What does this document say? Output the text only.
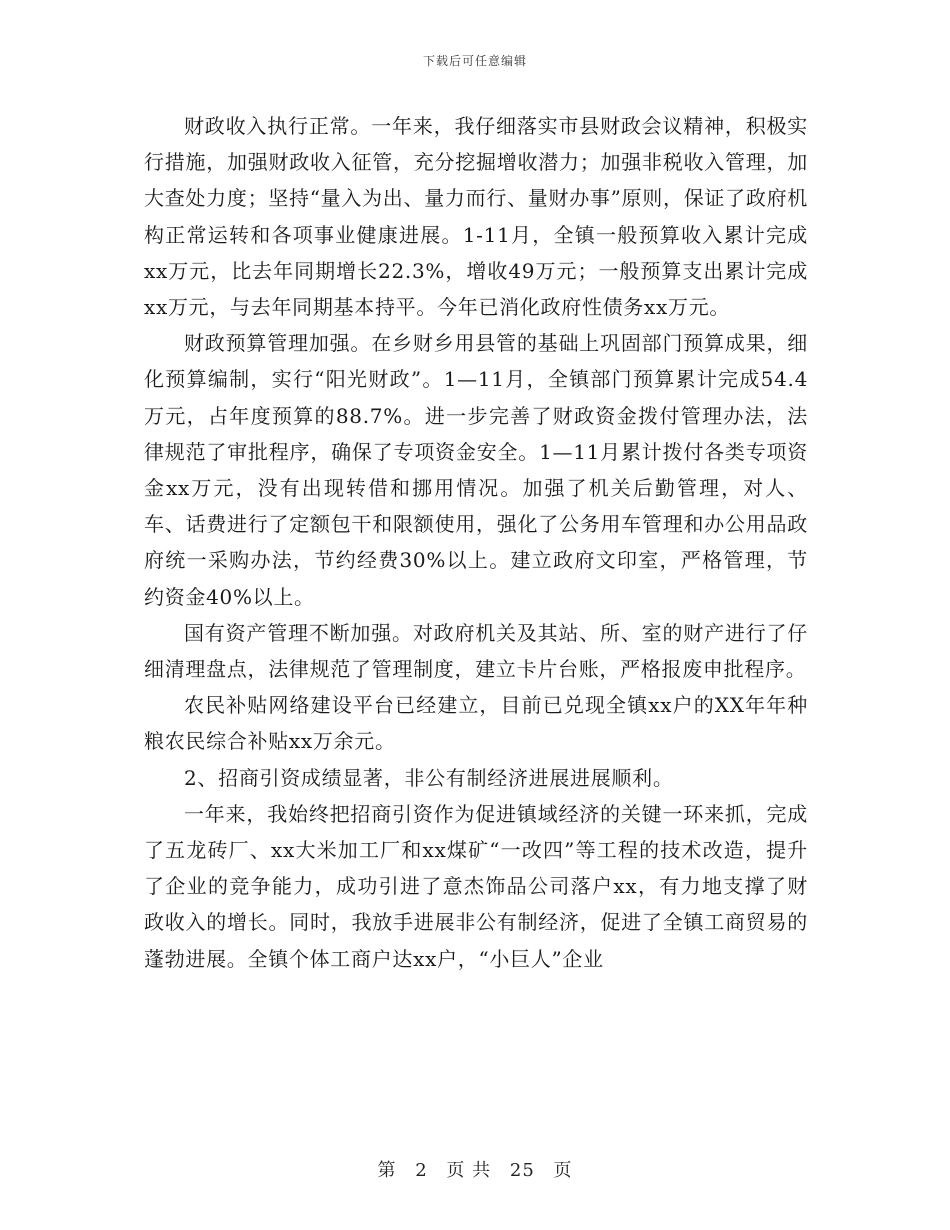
下载后可任意编辑

财政收入执行正常。一年来，我仔细落实市县财政会议精神，积极实行措施，加强财政收入征管，充分挖掘增收潜力；加强非税收入管理，加大查处力度；坚持“量入为出、量力而行、量财办事”原则，保证了政府机构正常运转和各项事业健康进展。1-11月，全镇一般预算收入累计完成xx万元，比去年同期增长22.3%，增收49万元；一般预算支出累计完成xx万元，与去年同期基本持平。今年已消化政府性债务xx万元。

财政预算管理加强。在乡财乡用县管的基础上巩固部门预算成果，细化预算编制，实行“阳光财政”。1—11月，全镇部门预算累计完成54.4万元，占年度预算的88.7%。进一步完善了财政资金拨付管理办法，法律规范了审批程序，确保了专项资金安全。1—11月累计拨付各类专项资金xx万元，没有出现转借和挪用情况。加强了机关后勤管理，对人、车、话费进行了定额包干和限额使用，强化了公务用车管理和办公用品政府统一采购办法，节约经费30%以上。建立政府文印室，严格管理，节约资金40%以上。

国有资产管理不断加强。对政府机关及其站、所、室的财产进行了仔细清理盘点，法律规范了管理制度，建立卡片台账，严格报废申批程序。

农民补贴网络建设平台已经建立，目前已兑现全镇xx户的XX年年种粮农民综合补贴xx万余元。

2、招商引资成绩显著，非公有制经济进展进展顺利。

一年来，我始终把招商引资作为促进镇域经济的关键一环来抓，完成了五龙砖厂、xx大米加工厂和xx煤矿“一改四”等工程的技术改造，提升了企业的竞争能力，成功引进了意杰饰品公司落户xx，有力地支撑了财政收入的增长。同时，我放手进展非公有制经济，促进了全镇工商贸易的蓬勃进展。全镇个体工商户达xx户，“小巨人”企业

第 2 页 共 25 页
